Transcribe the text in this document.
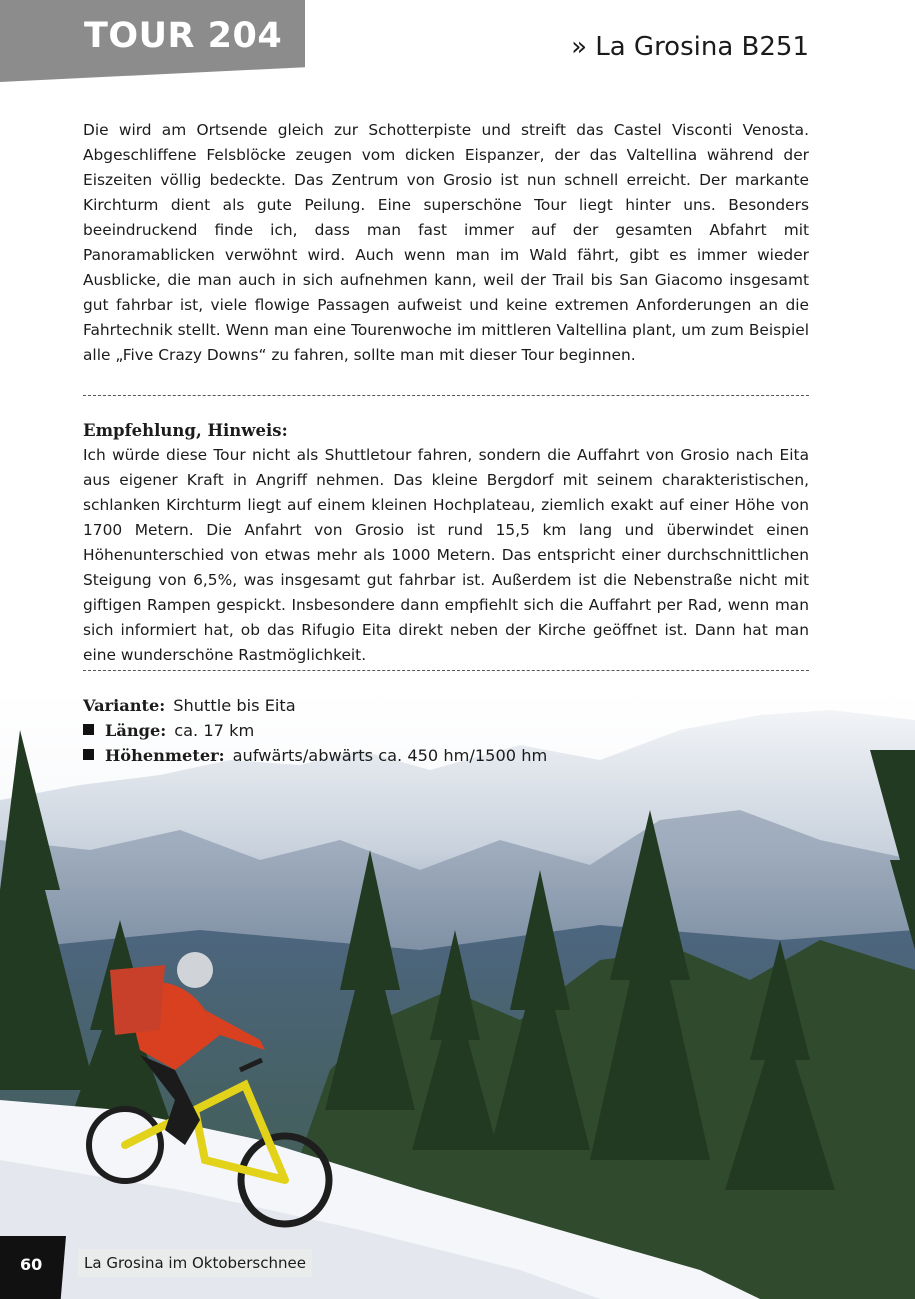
TOUR 204	» La Grosina B251
Die wird am Ortsende gleich zur Schotterpiste und streift das Castel Visconti Venosta. Abgeschliffene Felsblöcke zeugen vom dicken Eispanzer, der das Valtellina während der Eiszeiten völlig bedeckte. Das Zentrum von Grosio ist nun schnell erreicht. Der markante Kirchturm dient als gute Peilung. Eine superschöne Tour liegt hinter uns. Besonders beeindruckend finde ich, dass man fast immer auf der gesamten Abfahrt mit Panoramablicken verwöhnt wird. Auch wenn man im Wald fährt, gibt es immer wieder Ausblicke, die man auch in sich aufnehmen kann, weil der Trail bis San Giacomo insgesamt gut fahrbar ist, viele flowige Passagen aufweist und keine extremen Anforderungen an die Fahrtechnik stellt. Wenn man eine Tourenwoche im mittleren Valtellina plant, um zum Beispiel alle „Five Crazy Downs“ zu fahren, sollte man mit dieser Tour beginnen.
Empfehlung, Hinweis:
Ich würde diese Tour nicht als Shuttletour fahren, sondern die Auffahrt von Grosio nach Eita aus eigener Kraft in Angriff nehmen. Das kleine Bergdorf mit seinem charakteristischen, schlanken Kirchturm liegt auf einem kleinen Hochplateau, ziemlich exakt auf einer Höhe von 1700 Metern. Die Anfahrt von Grosio ist rund 15,5 km lang und überwindet einen Höhenunterschied von etwas mehr als 1000 Metern. Das entspricht einer durchschnittlichen Steigung von 6,5%, was insgesamt gut fahrbar ist. Außerdem ist die Nebenstraße nicht mit giftigen Rampen gespickt. Insbesondere dann empfiehlt sich die Auffahrt per Rad, wenn man sich informiert hat, ob das Rifugio Eita direkt neben der Kirche geöffnet ist. Dann hat man eine wunderschöne Rastmöglichkeit.
Variante: Shuttle bis Eita
Länge: ca. 17 km
Höhenmeter: aufwärts/abwärts ca. 450 hm/1500 hm
60	La Grosina im Oktoberschnee
